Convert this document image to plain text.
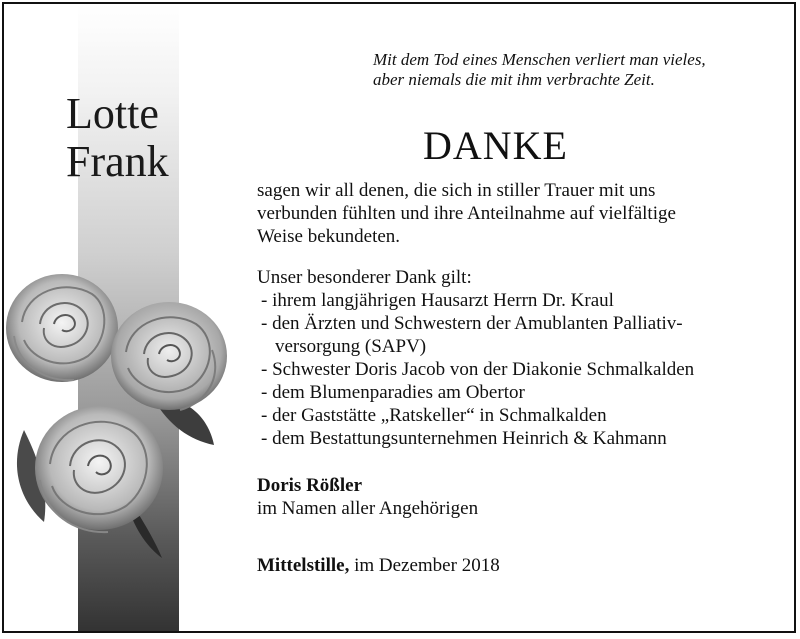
Lotte
Frank
Mit dem Tod eines Menschen verliert man vieles,
aber niemals die mit ihm verbrachte Zeit.
DANKE
sagen wir all denen, die sich in stiller Trauer mit uns
verbunden fühlten und ihre Anteilnahme auf vielfältige
Weise bekundeten.
Unser besonderer Dank gilt:
- ihrem langjährigen Hausarzt Herrn Dr. Kraul
- den Ärzten und Schwestern der Amublanten Palliativ-
versorgung (SAPV)
- Schwester Doris Jacob von der Diakonie Schmalkalden
- dem Blumenparadies am Obertor
- der Gaststätte „Ratskeller“ in Schmalkalden
- dem Bestattungsunternehmen Heinrich & Kahmann
Doris Rößler
im Namen aller Angehörigen
Mittelstille, im Dezember 2018
